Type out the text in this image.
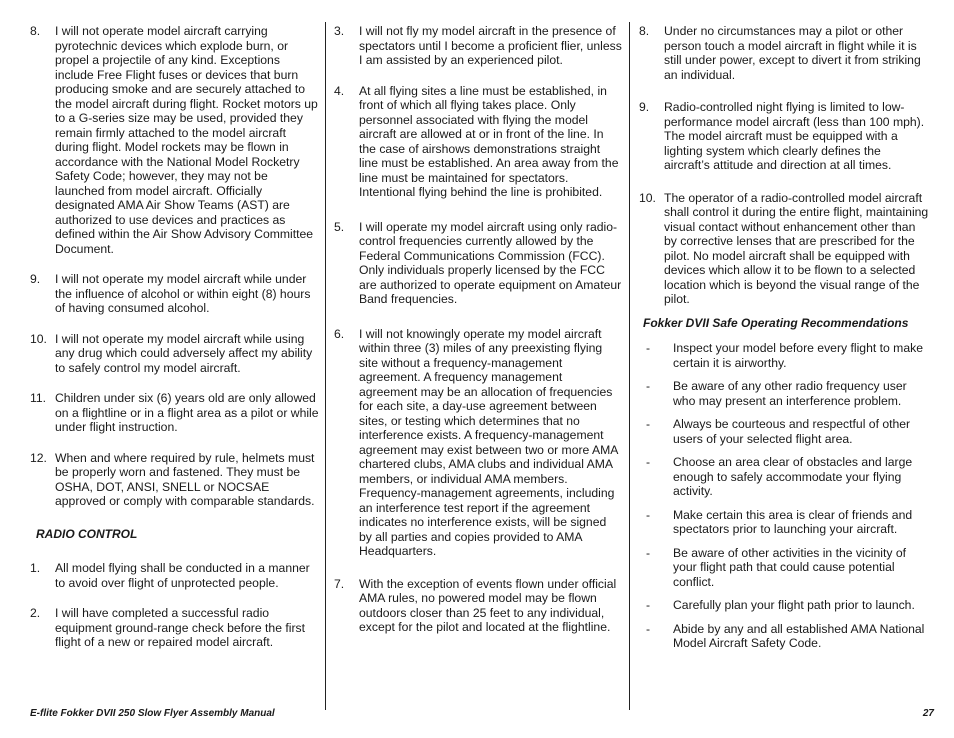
8.	I will not operate model aircraft carrying pyrotechnic devices which explode burn, or propel a projectile of any kind. Exceptions include Free Flight fuses or devices that burn producing smoke and are securely attached to the model aircraft during flight. Rocket motors up to a G-series size may be used, provided they remain firmly attached to the model aircraft during flight. Model rockets may be flown in accordance with the National Model Rocketry Safety Code; however, they may not be launched from model aircraft. Officially designated AMA Air Show Teams (AST) are authorized to use devices and practices as defined within the Air Show Advisory Committee Document.
9.	I will not operate my model aircraft while under the influence of alcohol or within eight (8) hours of having consumed alcohol.
10. I will not operate my model aircraft while using any drug which could adversely affect my ability to safely control my model aircraft.
11. Children under six (6) years old are only allowed on a flightline or in a flight area as a pilot or while under flight instruction.
12. When and where required by rule, helmets must be properly worn and fastened. They must be OSHA, DOT, ANSI, SNELL or NOCSAE approved or comply with comparable standards.

RADIO CONTROL

1.	All model flying shall be conducted in a manner to avoid over flight of unprotected people.
2.	I will have completed a successful radio equipment ground-range check before the first flight of a new or repaired model aircraft.
3.	I will not fly my model aircraft in the presence of spectators until I become a proficient flier, unless I am assisted by an experienced pilot.
4.	At all flying sites a line must be established, in front of which all flying takes place. Only personnel associated with flying the model aircraft are allowed at or in front of the line. In the case of airshows demonstrations straight line must be established. An area away from the line must be maintained for spectators. Intentional flying behind the line is prohibited.
5.	I will operate my model aircraft using only radio-control frequencies currently allowed by the Federal Communications Commission (FCC). Only individuals properly licensed by the FCC are authorized to operate equipment on Amateur Band frequencies.
6.	I will not knowingly operate my model aircraft within three (3) miles of any preexisting flying site without a frequency-management agreement. A frequency management agreement may be an allocation of frequencies for each site, a day-use agreement between sites, or testing which determines that no interference exists. A frequency-management agreement may exist between two or more AMA chartered clubs, AMA clubs and individual AMA members, or individual AMA members. Frequency-management agreements, including an interference test report if the agreement indicates no interference exists, will be signed by all parties and copies provided to AMA Headquarters.
7.	With the exception of events flown under official AMA rules, no powered model may be flown outdoors closer than 25 feet to any individual, except for the pilot and located at the flightline.
8.	Under no circumstances may a pilot or other person touch a model aircraft in flight while it is still under power, except to divert it from striking an individual.
9.	Radio-controlled night flying is limited to low-performance model aircraft (less than 100 mph). The model aircraft must be equipped with a lighting system which clearly defines the aircraft’s attitude and direction at all times.
10. The operator of a radio-controlled model aircraft shall control it during the entire flight, maintaining visual contact without enhancement other than by corrective lenses that are prescribed for the pilot. No model aircraft shall be equipped with devices which allow it to be flown to a selected location which is beyond the visual range of the pilot.

Fokker DVII Safe Operating Recommendations

-	Inspect your model before every flight to make certain it is airworthy.
-	Be aware of any other radio frequency user who may present an interference problem.
-	Always be courteous and respectful of other users of your selected flight area.
-	Choose an area clear of obstacles and large enough to safely accommodate your flying activity.
-	Make certain this area is clear of friends and spectators prior to launching your aircraft.
-	Be aware of other activities in the vicinity of your flight path that could cause potential conflict.
-	Carefully plan your flight path prior to launch.
-	Abide by any and all established AMA National Model Aircraft Safety Code.
E-flite Fokker DVII 250 Slow Flyer Assembly Manual	27
